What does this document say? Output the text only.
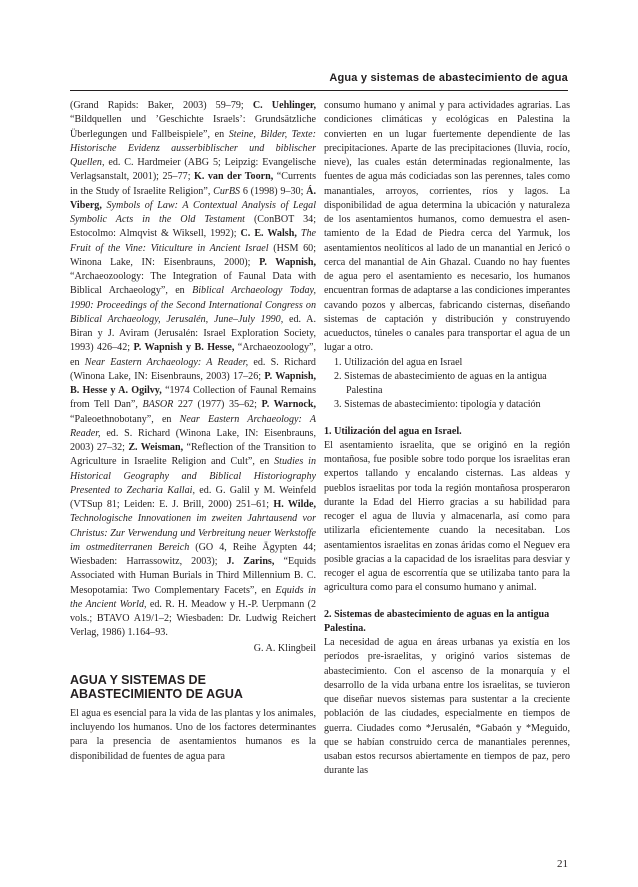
Agua y sistemas de abastecimiento de agua

(Grand Rapids: Baker, 2003) 59–79; C. Uehlinger, “Bildquellen und ’Geschichte Israels’: Grundsätzliche Überlegungen und Fallbeispiele”, en Steine, Bilder, Texte: Historische Evidenz ausserbiblischer und biblischer Quellen, ed. C. Hardmeier (ABG 5; Leipzig: Evangelische Verlagsanstalt, 2001); 25–77; K. van der Toorn, “Currents in the Study of Israelite Religion”, CurBS 6 (1998) 9–30; Á. Viberg, Symbols of Law: A Contextual Analysis of Legal Symbolic Acts in the Old Testament (ConBOT 34; Estocolmo: Almqvist & Wiksell, 1992); C. E. Walsh, The Fruit of the Vine: Viticulture in Ancient Israel (HSM 60; Winona Lake, IN: Eisenbrauns, 2000); P. Wapnish, “Archaeozoology: The Integration of Faunal Data with Biblical Archaeology”, en Biblical Archaeology Today, 1990: Proceedings of the Second International Congress on Biblical Archaeology, Jerusalén, June–July 1990, ed. A. Biran y J. Aviram (Jerusalén: Israel Exploration Society, 1993) 426–42; P. Wapnish y B. Hesse, “Archaeozoology”, en Near Eastern Archaeology: A Reader, ed. S. Richard (Winona Lake, IN: Eisenbrauns, 2003) 17–26; P. Wapnish, B. Hesse y A. Ogilvy, “1974 Collection of Faunal Remains from Tell Dan”, BASOR 227 (1977) 35–62; P. Warnock, “Paleoethnobotany”, en Near Eastern Archaeology: A Reader, ed. S. Richard (Winona Lake, IN: Eisenbrauns, 2003) 27–32; Z. Weisman, “Reflection of the Transition to Agriculture in Israelite Religion and Cult”, en Studies in Historical Geography and Biblical Historiography Presented to Zecharia Kallai, ed. G. Galil y M. Weinfeld (VTSup 81; Leiden: E. J. Brill, 2000) 251–61; H. Wilde, Technologische Innovationen im zweiten Jahrtausend vor Christus: Zur Verwendung und Verbreitung neuer Werkstoffe im ostmediterranen Bereich (GO 4, Reihe Ägypten 44; Wiesbaden: Harrassowitz, 2003); J. Zarins, “Equids Associated with Human Burials in Third Millennium B. C. Mesopotamia: Two Complementary Facets”, en Equids in the Ancient World, ed. R. H. Meadow y H.-P. Uerpmann (2 vols.; BTAVO A19/1–2; Wiesbaden: Dr. Ludwig Reichert Verlag, 1986) 1.164–93.

G. A. Klingbeil

AGUA Y SISTEMAS DE
ABASTECIMIENTO DE AGUA

El agua es esencial para la vida de las plantas y los animales, incluyendo los humanos. Uno de los factores determinantes para la presencia de asentamientos humanos es la disponibilidad de fuentes de agua para

consumo humano y animal y para actividades agrarias. Las condiciones climáticas y ecológicas en Palestina la convierten en un lugar fuertemente dependiente de las precipitaciones. Aparte de las precipitaciones (lluvia, rocío, nieve), las cuales están determinadas regionalmente, las fuentes de agua más codiciadas son las perennes, tales como manantiales, arroyos, corrientes, ríos y lagos. La disponibilidad de agua determina la ubicación y naturaleza de los asentamientos humanos, como demuestra el asen-tamiento de la Edad de Piedra cerca del Yarmuk, los asentamientos neolíticos al lado de un manantial en Jericó o cerca del manantial de Ain Ghazal. Cuando no hay fuentes de agua pero el asentamiento es necesario, los humanos encuentran formas de adaptarse a las condiciones imperantes cavando pozos y albercas, fabricando cisternas, diseñando sistemas de captación y distribución y construyendo acueductos, túneles o canales para transportar el agua de un lugar a otro.

1. Utilización del agua en Israel
2. Sistemas de abastecimiento de aguas en la antigua Palestina
3. Sistemas de abastecimiento: tipología y datación

1. Utilización del agua en Israel.

El asentamiento israelita, que se originó en la región montañosa, fue posible sobre todo porque los israelitas eran expertos tallando y encalando cisternas. Las aldeas y pueblos israelitas por toda la región montañosa prosperaron durante la Edad del Hierro gracias a su habilidad para recoger el agua de lluvia y almacenarla, así como para utilizarla eficientemente cuando la necesitaban. Los asentamientos israelitas en zonas áridas como el Neguev era posible gracias a la capacidad de los israelitas para desviar y recoger el agua de escorrentía que se utilizaba tanto para la agricultura como para el consumo humano y animal.

2. Sistemas de abastecimiento de aguas en la antigua Palestina.

La necesidad de agua en áreas urbanas ya existía en los períodos pre-israelitas, y originó varios sistemas de abastecimiento. Con el ascenso de la monarquía y el desarrollo de la vida urbana entre los israelitas, se tuvieron que diseñar nuevos sistemas para sustentar a la creciente población de las ciudades, especialmente en tiempos de guerra. Ciudades como *Jerusalén, *Gabaón y *Meguido, que se habían construido cerca de manantiales perennes, usaban estos recursos abiertamente en tiempos de paz, pero durante las

21
